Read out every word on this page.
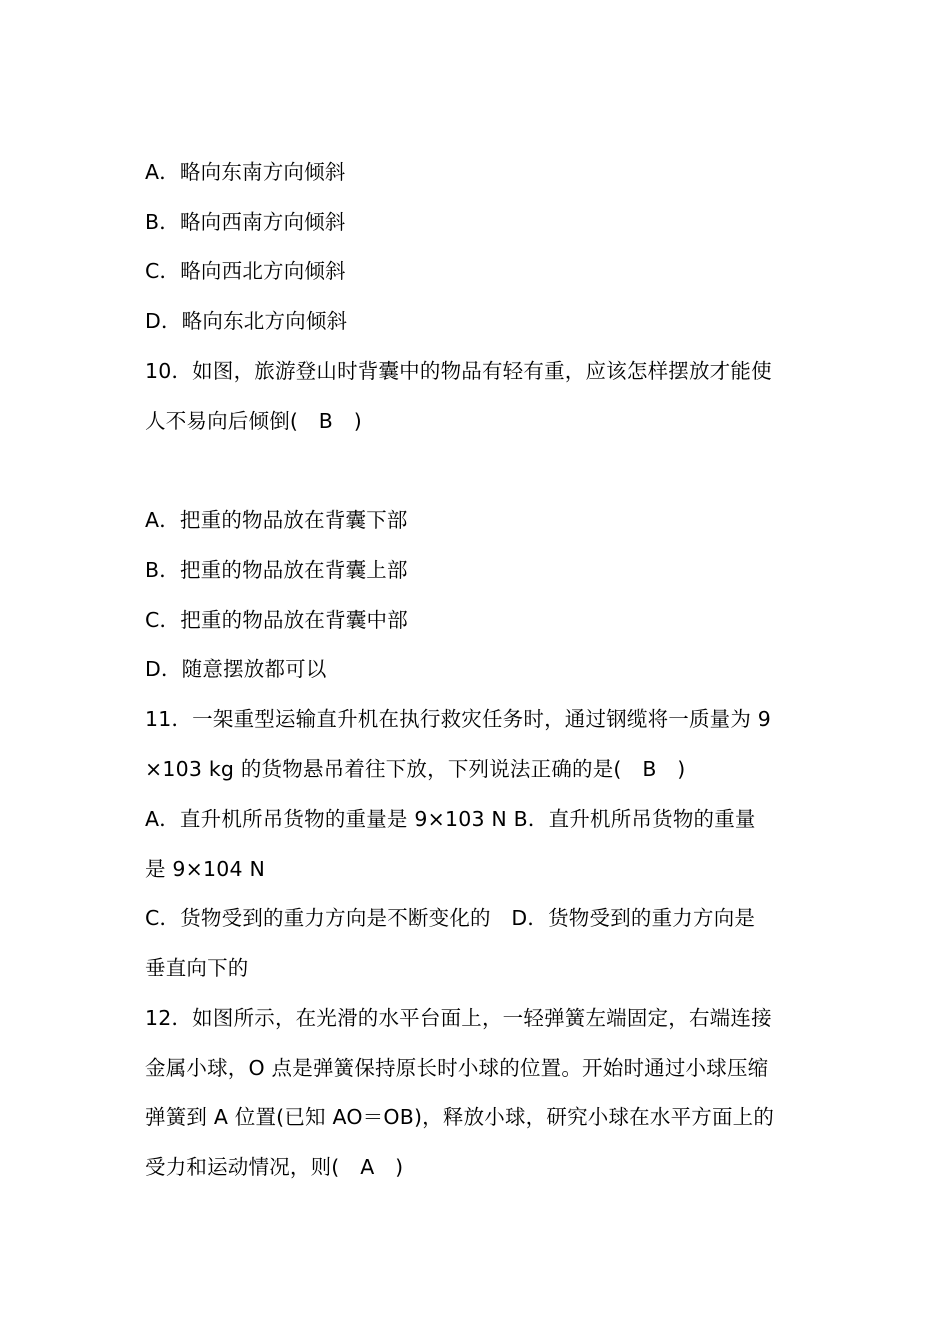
A．略向东南方向倾斜
B．略向西南方向倾斜
C．略向西北方向倾斜
D．略向东北方向倾斜
10．如图，旅游登山时背囊中的物品有轻有重，应该怎样摆放才能使
人不易向后倾倒(　B　)
A．把重的物品放在背囊下部
B．把重的物品放在背囊上部
C．把重的物品放在背囊中部
D．随意摆放都可以
11．一架重型运输直升机在执行救灾任务时，通过钢缆将一质量为 9
×103 kg 的货物悬吊着往下放，下列说法正确的是(　B　)
A．直升机所吊货物的重量是 9×103 N B．直升机所吊货物的重量
是 9×104 N
C．货物受到的重力方向是不断变化的　D．货物受到的重力方向是
垂直向下的
12．如图所示，在光滑的水平台面上，一轻弹簧左端固定，右端连接
金属小球，O 点是弹簧保持原长时小球的位置。开始时通过小球压缩
弹簧到 A 位置(已知 AO＝OB)，释放小球，研究小球在水平方面上的
受力和运动情况，则(　A　)
